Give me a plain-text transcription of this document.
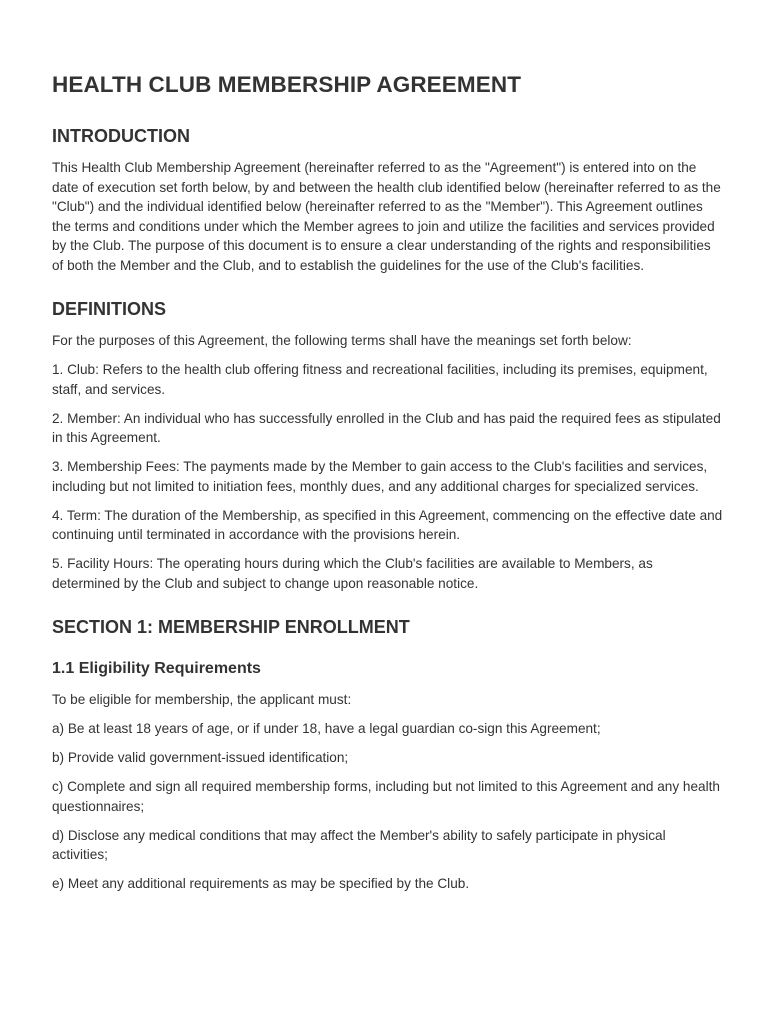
HEALTH CLUB MEMBERSHIP AGREEMENT
INTRODUCTION

This Health Club Membership Agreement (hereinafter referred to as the "Agreement") is entered into on the date of execution set forth below, by and between the health club identified below (hereinafter referred to as the "Club") and the individual identified below (hereinafter referred to as the "Member"). This Agreement outlines the terms and conditions under which the Member agrees to join and utilize the facilities and services provided by the Club. The purpose of this document is to ensure a clear understanding of the rights and responsibilities of both the Member and the Club, and to establish the guidelines for the use of the Club's facilities.

DEFINITIONS

For the purposes of this Agreement, the following terms shall have the meanings set forth below:

1. Club: Refers to the health club offering fitness and recreational facilities, including its premises, equipment, staff, and services.

2. Member: An individual who has successfully enrolled in the Club and has paid the required fees as stipulated in this Agreement.

3. Membership Fees: The payments made by the Member to gain access to the Club's facilities and services, including but not limited to initiation fees, monthly dues, and any additional charges for specialized services.

4. Term: The duration of the Membership, as specified in this Agreement, commencing on the effective date and continuing until terminated in accordance with the provisions herein.

5. Facility Hours: The operating hours during which the Club's facilities are available to Members, as determined by the Club and subject to change upon reasonable notice.

SECTION 1: MEMBERSHIP ENROLLMENT
1.1 Eligibility Requirements

To be eligible for membership, the applicant must:

a) Be at least 18 years of age, or if under 18, have a legal guardian co-sign this Agreement;

b) Provide valid government-issued identification;

c) Complete and sign all required membership forms, including but not limited to this Agreement and any health questionnaires;

d) Disclose any medical conditions that may affect the Member's ability to safely participate in physical activities;

e) Meet any additional requirements as may be specified by the Club.
